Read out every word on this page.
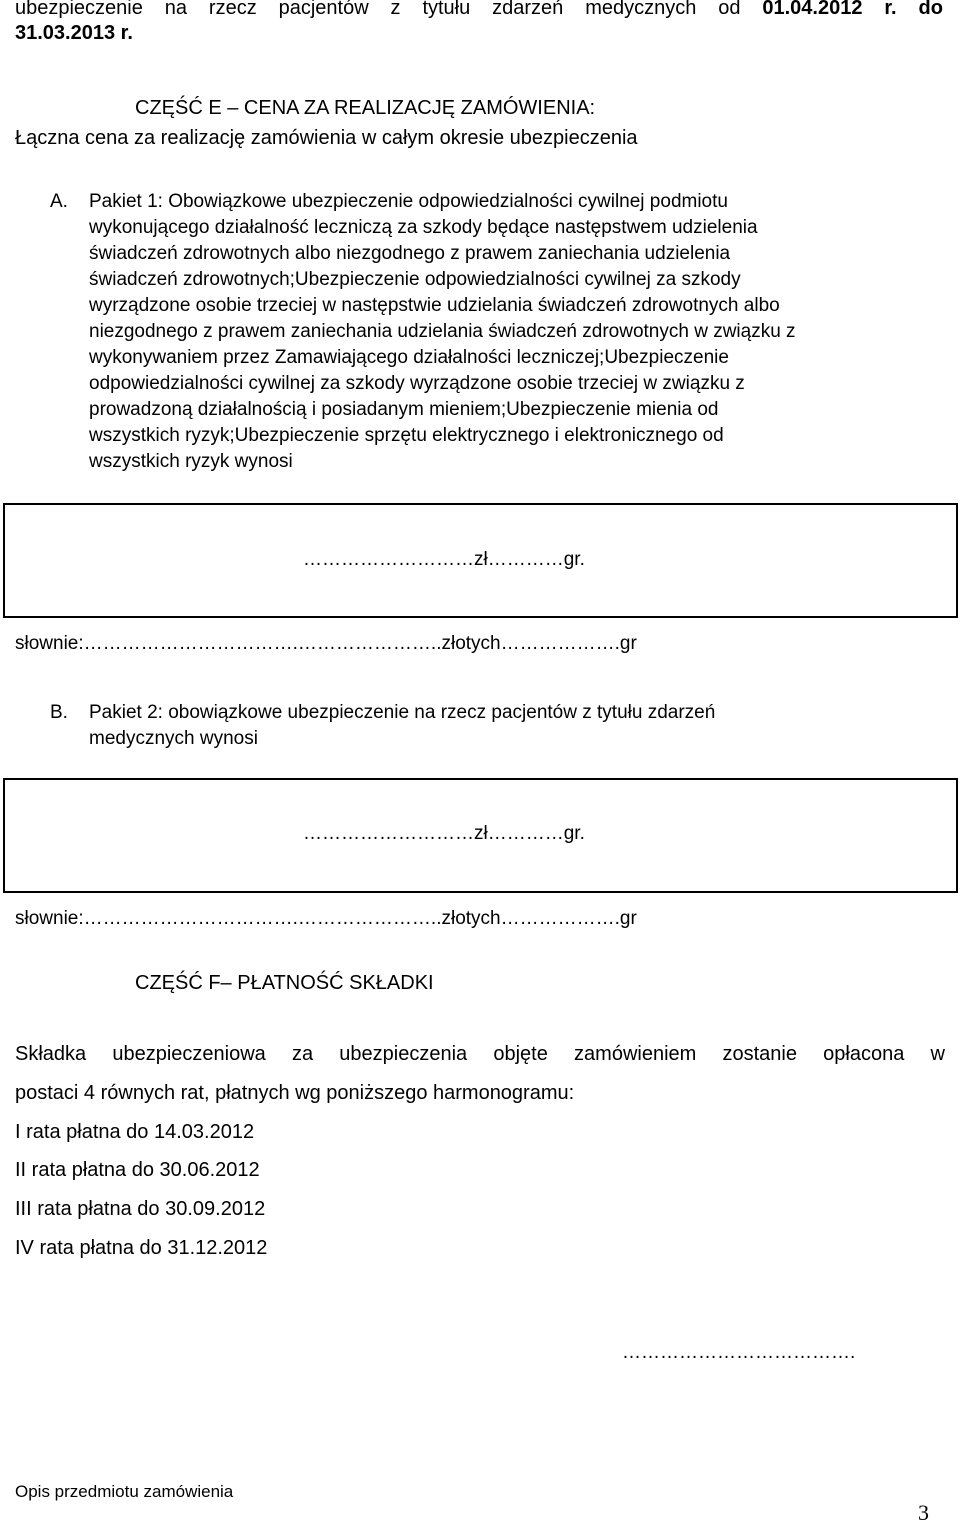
ubezpieczenie na rzecz pacjentów z tytułu zdarzeń medycznych od 01.04.2012 r. do
31.03.2013 r.
CZĘŚĆ E – CENA ZA REALIZACJĘ ZAMÓWIENIA:
Łączna cena za realizację zamówienia w całym okresie ubezpieczenia
A. Pakiet 1: Obowiązkowe ubezpieczenie odpowiedzialności cywilnej podmiotu
wykonującego działalność leczniczą za szkody będące następstwem udzielenia
świadczeń zdrowotnych albo niezgodnego z prawem zaniechania udzielenia
świadczeń zdrowotnych;Ubezpieczenie odpowiedzialności cywilnej za szkody
wyrządzone osobie trzeciej w następstwie udzielania świadczeń zdrowotnych albo
niezgodnego z prawem zaniechania udzielania świadczeń zdrowotnych w związku z
wykonywaniem przez Zamawiającego działalności leczniczej;Ubezpieczenie
odpowiedzialności cywilnej za szkody wyrządzone osobie trzeciej w związku z
prowadzoną działalnością i posiadanym mieniem;Ubezpieczenie mienia od
wszystkich ryzyk;Ubezpieczenie sprzętu elektrycznego i elektronicznego od
wszystkich ryzyk wynosi
………………………zł…………gr.
słownie:…………………………….…………………..złotych……………….gr
B. Pakiet 2: obowiązkowe ubezpieczenie na rzecz pacjentów z tytułu zdarzeń
medycznych wynosi
………………………zł…………gr.
słownie:…………………………….…………………..złotych……………….gr
CZĘŚĆ F– PŁATNOŚĆ SKŁADKI
Składka ubezpieczeniowa za ubezpieczenia objęte zamówieniem zostanie opłacona w
postaci 4 równych rat, płatnych wg poniższego harmonogramu:
I rata płatna do 14.03.2012
II rata płatna do 30.06.2012
III rata płatna do 30.09.2012
IV rata płatna do 31.12.2012
……………………………….
Opis przedmiotu zamówienia
3
